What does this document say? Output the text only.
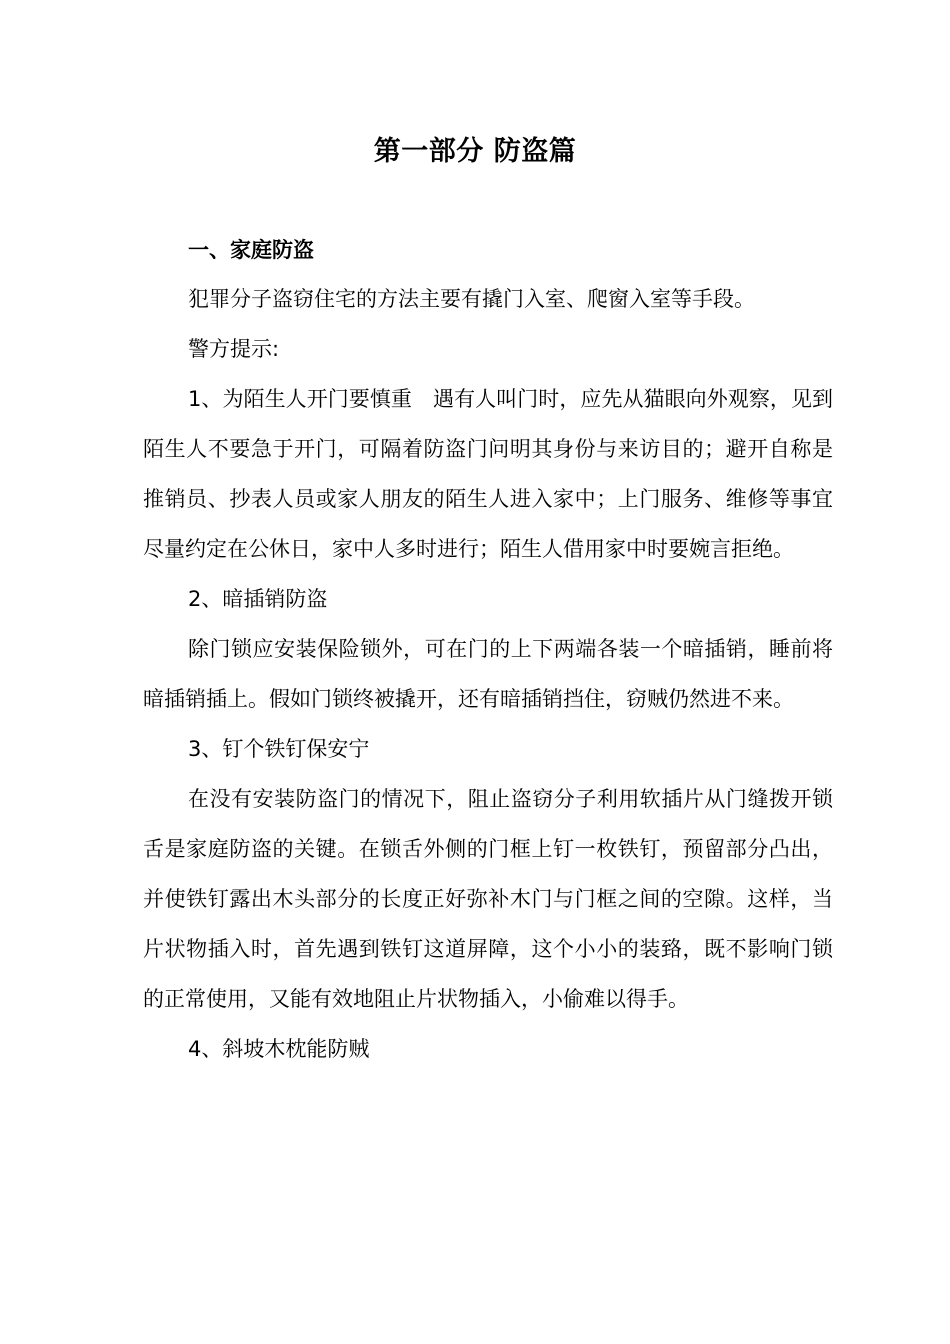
第一部分 防盗篇
一、家庭防盗

犯罪分子盗窃住宅的方法主要有撬门入室、爬窗入室等手段。

警方提示:

1、为陌生人开门要慎重　遇有人叫门时，应先从猫眼向外观察，见到陌生人不要急于开门，可隔着防盗门问明其身份与来访目的；避开自称是推销员、抄表人员或家人朋友的陌生人进入家中；上门服务、维修等事宜尽量约定在公休日，家中人多时进行；陌生人借用家中时要婉言拒绝。

2、暗插销防盗

除门锁应安装保险锁外，可在门的上下两端各装一个暗插销，睡前将暗插销插上。假如门锁终被撬开，还有暗插销挡住，窃贼仍然进不来。

3、钉个铁钉保安宁

在没有安装防盗门的情况下，阻止盗窃分子利用软插片从门缝拨开锁舌是家庭防盗的关键。在锁舌外侧的门框上钉一枚铁钉，预留部分凸出，并使铁钉露出木头部分的长度正好弥补木门与门框之间的空隙。这样，当片状物插入时，首先遇到铁钉这道屏障，这个小小的装臵，既不影响门锁的正常使用，又能有效地阻止片状物插入，小偷难以得手。

4、斜坡木枕能防贼
